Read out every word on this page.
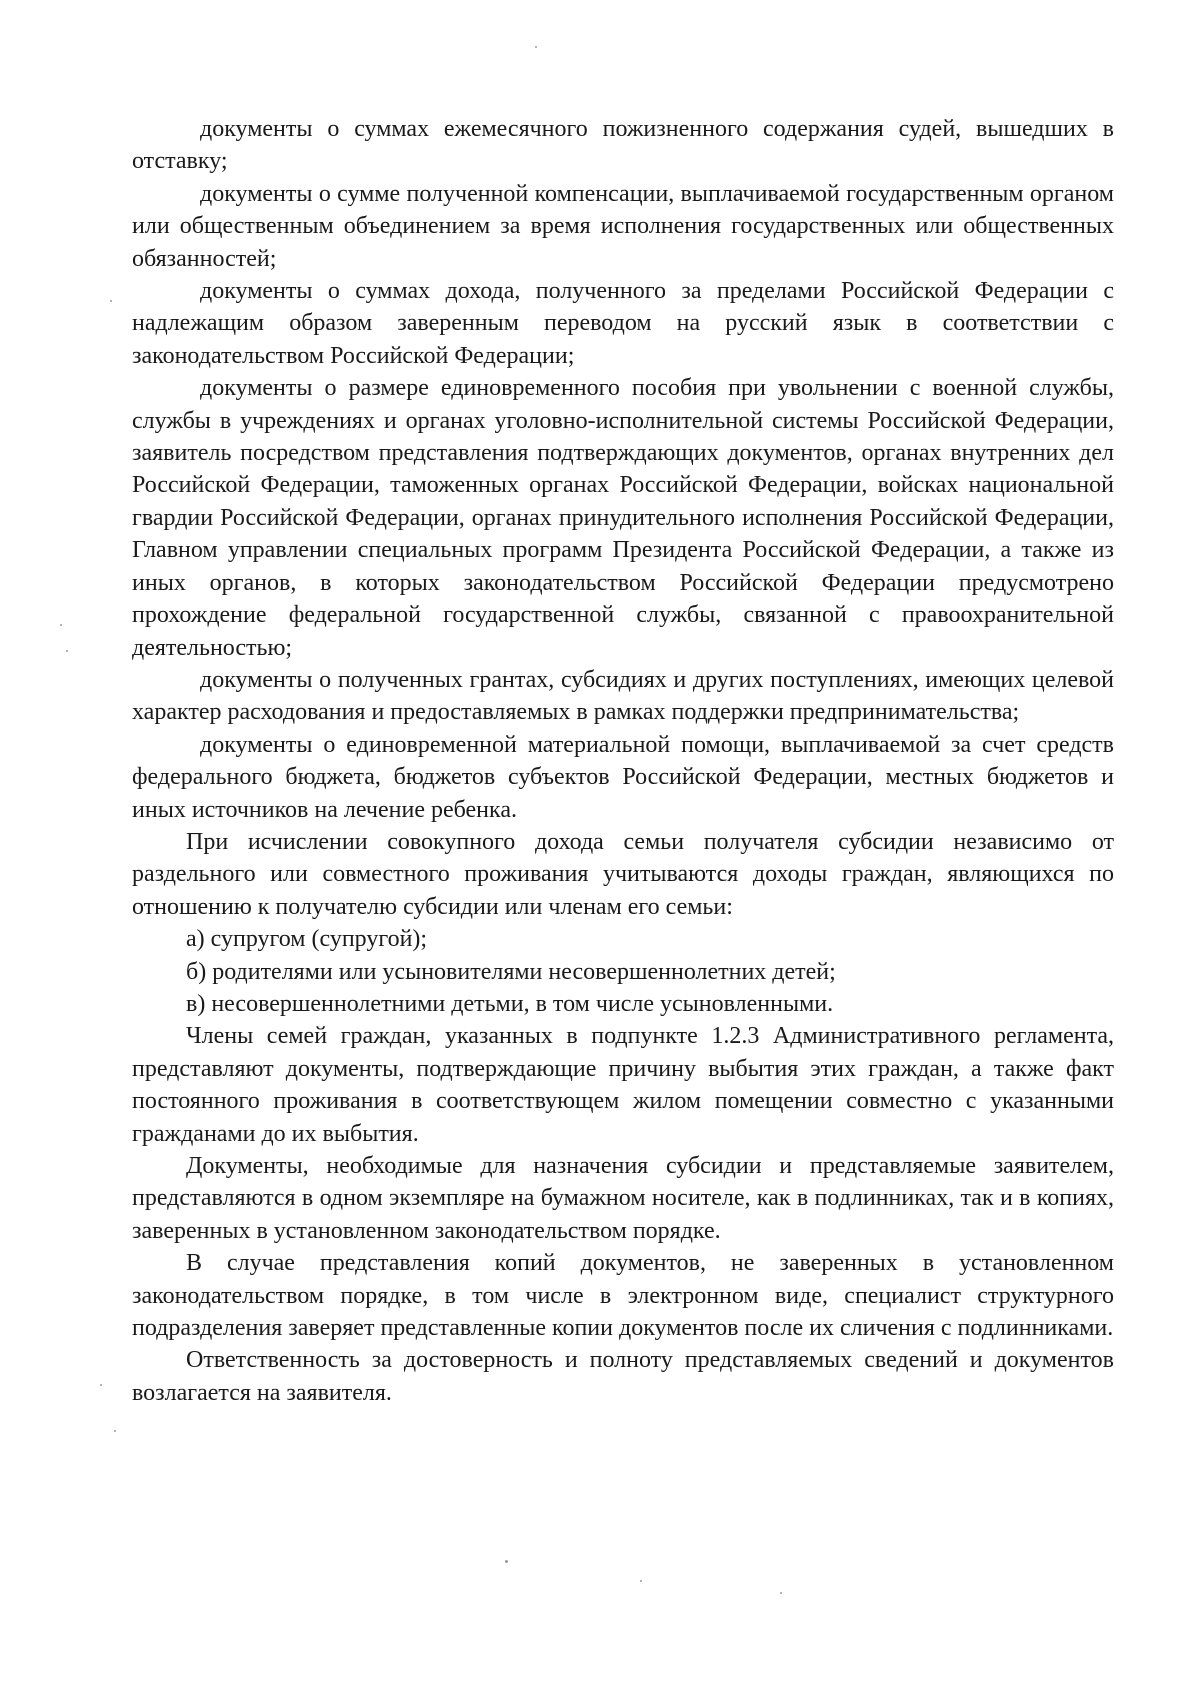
документы о суммах ежемесячного пожизненного содержания судей, вышедших в отставку;

документы о сумме полученной компенсации, выплачиваемой государственным органом или общественным объединением за время исполнения государственных или общественных обязанностей;

документы о суммах дохода, полученного за пределами Российской Федерации с надлежащим образом заверенным переводом на русский язык в соответствии с законодательством Российской Федерации;

документы о размере единовременного пособия при увольнении с военной службы, службы в учреждениях и органах уголовно-исполнительной системы Российской Федерации, заявитель посредством представления подтверждающих документов, органах внутренних дел Российской Федерации, таможенных органах Российской Федерации, войсках национальной гвардии Российской Федерации, органах принудительного исполнения Российской Федерации, Главном управлении специальных программ Президента Российской Федерации, а также из иных органов, в которых законодательством Российской Федерации предусмотрено прохождение федеральной государственной службы, связанной с правоохранительной деятельностью;

документы о полученных грантах, субсидиях и других поступлениях, имеющих целевой характер расходования и предоставляемых в рамках поддержки предпринимательства;

документы о единовременной материальной помощи, выплачиваемой за счет средств федерального бюджета, бюджетов субъектов Российской Федерации, местных бюджетов и иных источников на лечение ребенка.

При исчислении совокупного дохода семьи получателя субсидии независимо от раздельного или совместного проживания учитываются доходы граждан, являющихся по отношению к получателю субсидии или членам его семьи:

а) супругом (супругой);

б) родителями или усыновителями несовершеннолетних детей;

в) несовершеннолетними детьми, в том числе усыновленными.

Члены семей граждан, указанных в подпункте 1.2.3 Административного регламента, представляют документы, подтверждающие причину выбытия этих граждан, а также факт постоянного проживания в соответствующем жилом помещении совместно с указанными гражданами до их выбытия.

Документы, необходимые для назначения субсидии и представляемые заявителем, представляются в одном экземпляре на бумажном носителе, как в подлинниках, так и в копиях, заверенных в установленном законодательством порядке.

В случае представления копий документов, не заверенных в установленном законодательством порядке, в том числе в электронном виде, специалист структурного подразделения заверяет представленные копии документов после их сличения с подлинниками.

Ответственность за достоверность и полноту представляемых сведений и документов возлагается на заявителя.
